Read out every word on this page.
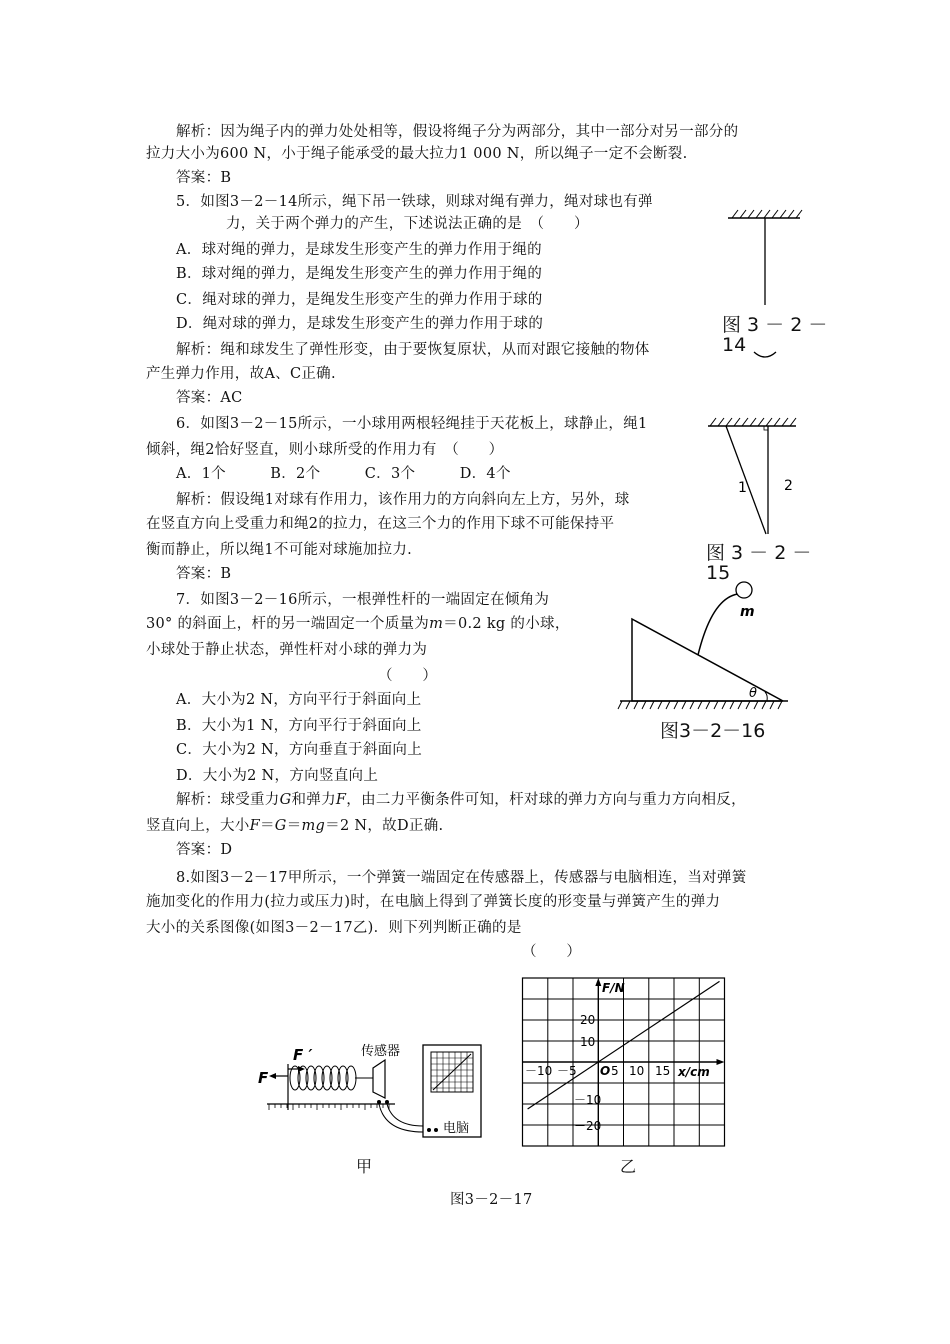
解析：因为绳子内的弹力处处相等，假设将绳子分为两部分，其中一部分对另一部分的
拉力大小为600 N，小于绳子能承受的最大拉力1 000 N，所以绳子一定不会断裂.
答案：B
5．如图3－2－14所示，绳下吊一铁球，则球对绳有弹力，绳对球也有弹
力，关于两个弹力的产生，下述说法正确的是　（　　）
A．球对绳的弹力，是球发生形变产生的弹力作用于绳的
B．球对绳的弹力，是绳发生形变产生的弹力作用于绳的
C．绳对球的弹力，是绳发生形变产生的弹力作用于球的
D．绳对球的弹力，是球发生形变产生的弹力作用于球的
解析：绳和球发生了弹性形变，由于要恢复原状，从而对跟它接触的物体
产生弹力作用，故A、C正确.
答案：AC
图 3 － 2 －
14
6．如图3－2－15所示，一小球用两根轻绳挂于天花板上，球静止，绳1
倾斜，绳2恰好竖直，则小球所受的作用力有　（　　）
A．1个　　　B．2个　　　C．3个　　　D．4个
解析：假设绳1对球有作用力，该作用力的方向斜向左上方，另外，球
在竖直方向上受重力和绳2的拉力，在这三个力的作用下球不可能保持平
衡而静止，所以绳1不可能对球施加拉力.
答案：B
1	2
图 3 － 2 －
15
7．如图3－2－16所示，一根弹性杆的一端固定在倾角为
30° 的斜面上，杆的另一端固定一个质量为m＝0.2 kg 的小球，
小球处于静止状态，弹性杆对小球的弹力为
（　　）
A．大小为2 N，方向平行于斜面向上
B．大小为1 N，方向平行于斜面向上
C．大小为2 N，方向垂直于斜面向上
D．大小为2 N，方向竖直向上
解析：球受重力G和弹力F，由二力平衡条件可知，杆对球的弹力方向与重力方向相反，
竖直向上，大小F＝G＝mg＝2 N，故D正确.
答案：D
m
θ
图3－2－16
8.如图3－2－17甲所示，一个弹簧一端固定在传感器上，传感器与电脑相连，当对弹簧
施加变化的作用力(拉力或压力)时，在电脑上得到了弹簧长度的形变量与弹簧产生的弹力
大小的关系图像(如图3－2－17乙)．则下列判断正确的是
（　　）
F
F ′	传感器
电脑
甲
F/N
x/cm
O
－10 －5	5 10 15
20
10
－10
－20
乙
图3－2－17
